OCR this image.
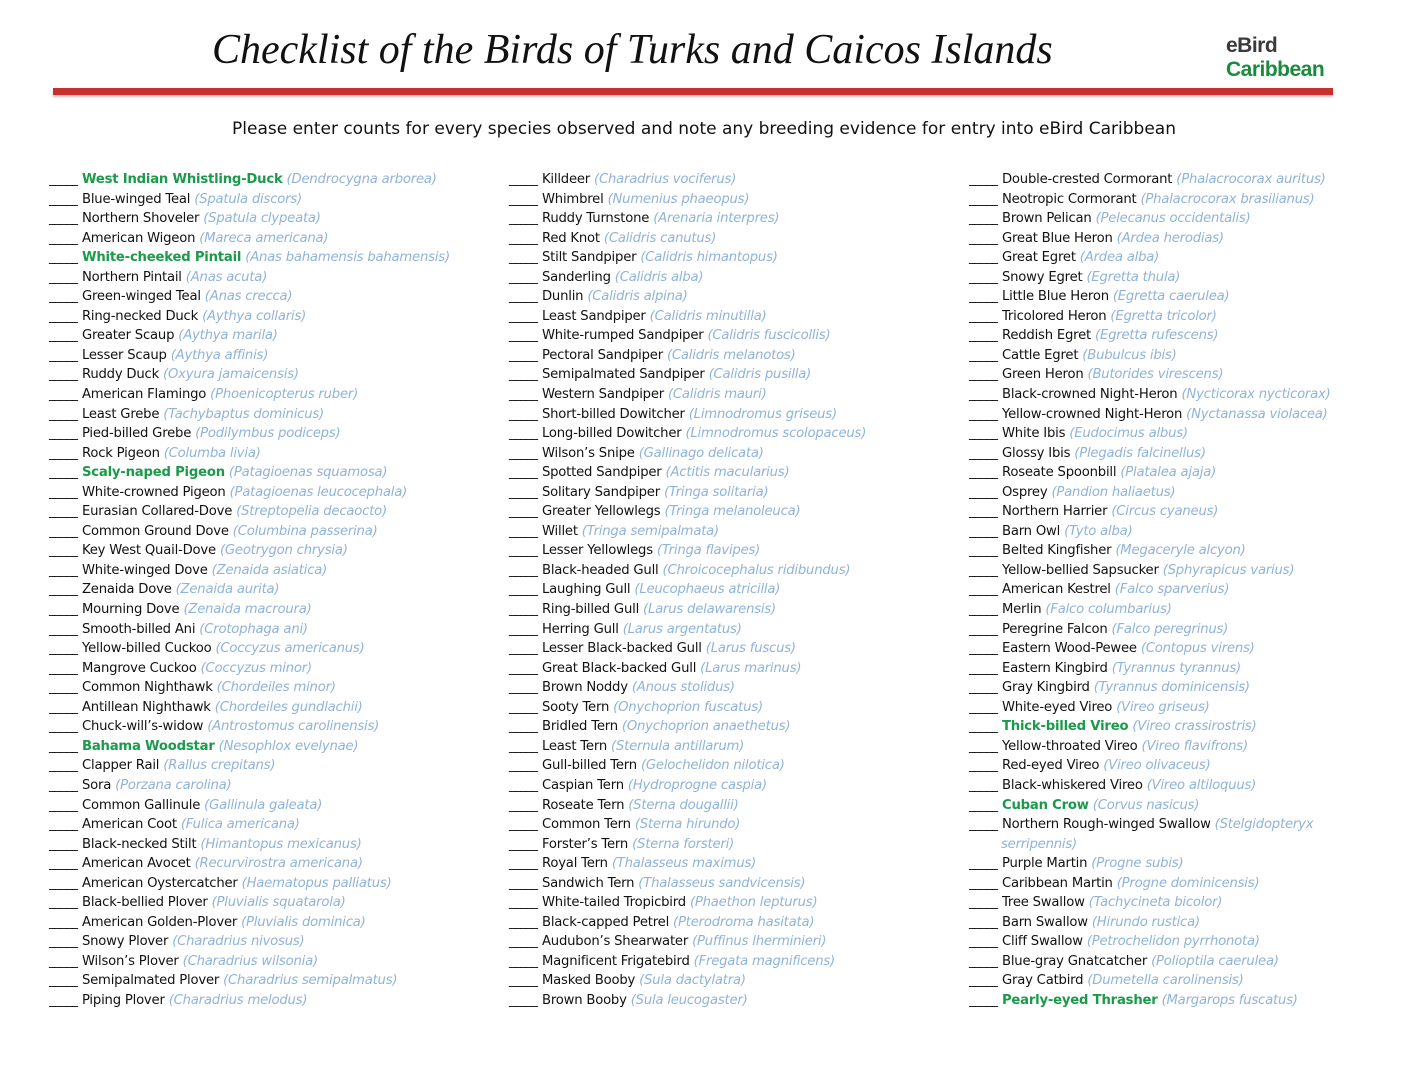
Checklist of the Birds of Turks and Caicos Islands	eBird
Caribbean
Please enter counts for every species observed and note any breeding evidence for entry into eBird Caribbean
_____ West Indian Whistling-Duck (Dendrocygna arborea)
_____ Blue-winged Teal (Spatula discors)
_____ Northern Shoveler (Spatula clypeata)
_____ American Wigeon (Mareca americana)
_____ White-cheeked Pintail (Anas bahamensis bahamensis)
_____ Northern Pintail (Anas acuta)
_____ Green-winged Teal (Anas crecca)
_____ Ring-necked Duck (Aythya collaris)
_____ Greater Scaup (Aythya marila)
_____ Lesser Scaup (Aythya affinis)
_____ Ruddy Duck (Oxyura jamaicensis)
_____ American Flamingo (Phoenicopterus ruber)
_____ Least Grebe (Tachybaptus dominicus)
_____ Pied-billed Grebe (Podilymbus podiceps)
_____ Rock Pigeon (Columba livia)
_____ Scaly-naped Pigeon (Patagioenas squamosa)
_____ White-crowned Pigeon (Patagioenas leucocephala)
_____ Eurasian Collared-Dove (Streptopelia decaocto)
_____ Common Ground Dove (Columbina passerina)
_____ Key West Quail-Dove (Geotrygon chrysia)
_____ White-winged Dove (Zenaida asiatica)
_____ Zenaida Dove (Zenaida aurita)
_____ Mourning Dove (Zenaida macroura)
_____ Smooth-billed Ani (Crotophaga ani)
_____ Yellow-billed Cuckoo (Coccyzus americanus)
_____ Mangrove Cuckoo (Coccyzus minor)
_____ Common Nighthawk (Chordeiles minor)
_____ Antillean Nighthawk (Chordeiles gundlachii)
_____ Chuck-will’s-widow (Antrostomus carolinensis)
_____ Bahama Woodstar (Nesophlox evelynae)
_____ Clapper Rail (Rallus crepitans)
_____ Sora (Porzana carolina)
_____ Common Gallinule (Gallinula galeata)
_____ American Coot (Fulica americana)
_____ Black-necked Stilt (Himantopus mexicanus)
_____ American Avocet (Recurvirostra americana)
_____ American Oystercatcher (Haematopus palliatus)
_____ Black-bellied Plover (Pluvialis squatarola)
_____ American Golden-Plover (Pluvialis dominica)
_____ Snowy Plover (Charadrius nivosus)
_____ Wilson’s Plover (Charadrius wilsonia)
_____ Semipalmated Plover (Charadrius semipalmatus)
_____ Piping Plover (Charadrius melodus)
_____ Killdeer (Charadrius vociferus)
_____ Whimbrel (Numenius phaeopus)
_____ Ruddy Turnstone (Arenaria interpres)
_____ Red Knot (Calidris canutus)
_____ Stilt Sandpiper (Calidris himantopus)
_____ Sanderling (Calidris alba)
_____ Dunlin (Calidris alpina)
_____ Least Sandpiper (Calidris minutilla)
_____ White-rumped Sandpiper (Calidris fuscicollis)
_____ Pectoral Sandpiper (Calidris melanotos)
_____ Semipalmated Sandpiper (Calidris pusilla)
_____ Western Sandpiper (Calidris mauri)
_____ Short-billed Dowitcher (Limnodromus griseus)
_____ Long-billed Dowitcher (Limnodromus scolopaceus)
_____ Wilson’s Snipe (Gallinago delicata)
_____ Spotted Sandpiper (Actitis macularius)
_____ Solitary Sandpiper (Tringa solitaria)
_____ Greater Yellowlegs (Tringa melanoleuca)
_____ Willet (Tringa semipalmata)
_____ Lesser Yellowlegs (Tringa flavipes)
_____ Black-headed Gull (Chroicocephalus ridibundus)
_____ Laughing Gull (Leucophaeus atricilla)
_____ Ring-billed Gull (Larus delawarensis)
_____ Herring Gull (Larus argentatus)
_____ Lesser Black-backed Gull (Larus fuscus)
_____ Great Black-backed Gull (Larus marinus)
_____ Brown Noddy (Anous stolidus)
_____ Sooty Tern (Onychoprion fuscatus)
_____ Bridled Tern (Onychoprion anaethetus)
_____ Least Tern (Sternula antillarum)
_____ Gull-billed Tern (Gelochelidon nilotica)
_____ Caspian Tern (Hydroprogne caspia)
_____ Roseate Tern (Sterna dougallii)
_____ Common Tern (Sterna hirundo)
_____ Forster’s Tern (Sterna forsteri)
_____ Royal Tern (Thalasseus maximus)
_____ Sandwich Tern (Thalasseus sandvicensis)
_____ White-tailed Tropicbird (Phaethon lepturus)
_____ Black-capped Petrel (Pterodroma hasitata)
_____ Audubon’s Shearwater (Puffinus lherminieri)
_____ Magnificent Frigatebird (Fregata magnificens)
_____ Masked Booby (Sula dactylatra)
_____ Brown Booby (Sula leucogaster)
_____ Double-crested Cormorant (Phalacrocorax auritus)
_____ Neotropic Cormorant (Phalacrocorax brasilianus)
_____ Brown Pelican (Pelecanus occidentalis)
_____ Great Blue Heron (Ardea herodias)
_____ Great Egret (Ardea alba)
_____ Snowy Egret (Egretta thula)
_____ Little Blue Heron (Egretta caerulea)
_____ Tricolored Heron (Egretta tricolor)
_____ Reddish Egret (Egretta rufescens)
_____ Cattle Egret (Bubulcus ibis)
_____ Green Heron (Butorides virescens)
_____ Black-crowned Night-Heron (Nycticorax nycticorax)
_____ Yellow-crowned Night-Heron (Nyctanassa violacea)
_____ White Ibis (Eudocimus albus)
_____ Glossy Ibis (Plegadis falcinellus)
_____ Roseate Spoonbill (Platalea ajaja)
_____ Osprey (Pandion haliaetus)
_____ Northern Harrier (Circus cyaneus)
_____ Barn Owl (Tyto alba)
_____ Belted Kingfisher (Megaceryle alcyon)
_____ Yellow-bellied Sapsucker (Sphyrapicus varius)
_____ American Kestrel (Falco sparverius)
_____ Merlin (Falco columbarius)
_____ Peregrine Falcon (Falco peregrinus)
_____ Eastern Wood-Pewee (Contopus virens)
_____ Eastern Kingbird (Tyrannus tyrannus)
_____ Gray Kingbird (Tyrannus dominicensis)
_____ White-eyed Vireo (Vireo griseus)
_____ Thick-billed Vireo (Vireo crassirostris)
_____ Yellow-throated Vireo (Vireo flavifrons)
_____ Red-eyed Vireo (Vireo olivaceus)
_____ Black-whiskered Vireo (Vireo altiloquus)
_____ Cuban Crow (Corvus nasicus)
_____ Northern Rough-winged Swallow (Stelgidopteryx
serripennis)
_____ Purple Martin (Progne subis)
_____ Caribbean Martin (Progne dominicensis)
_____ Tree Swallow (Tachycineta bicolor)
_____ Barn Swallow (Hirundo rustica)
_____ Cliff Swallow (Petrochelidon pyrrhonota)
_____ Blue-gray Gnatcatcher (Polioptila caerulea)
_____ Gray Catbird (Dumetella carolinensis)
_____ Pearly-eyed Thrasher (Margarops fuscatus)
